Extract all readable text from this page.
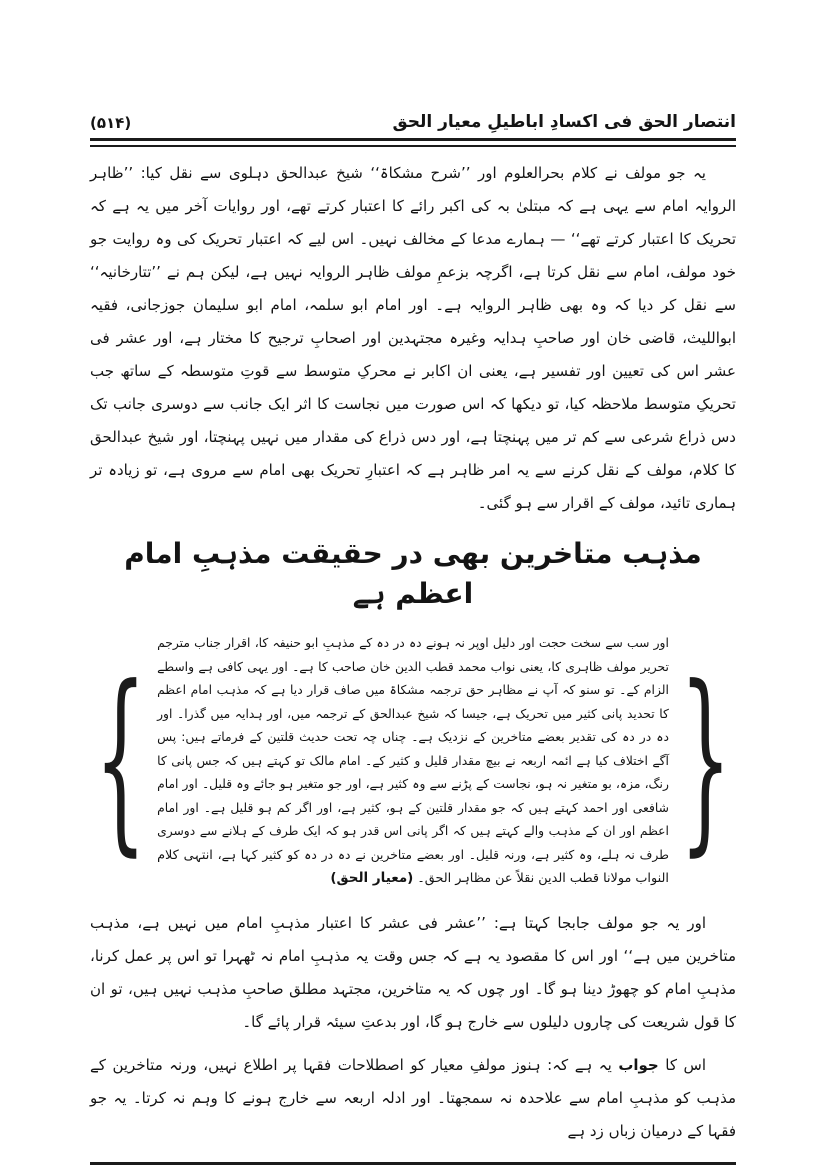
انتصار الحق فی اکسادِ اباطیلِ معیار الحق
(۵۱۴)

یہ جو مولف نے کلام بحرالعلوم اور ’’شرح مشکاۃ‘‘ شیخ عبدالحق دہلوی سے نقل کیا: ’’ظاہر الروایہ امام سے یہی ہے کہ مبتلیٰ بہ کی اکبر رائے کا اعتبار کرتے تھے، اور روایات آخر میں یہ ہے کہ تحریک کا اعتبار کرتے تھے‘‘ — ہمارے مدعا کے مخالف نہیں۔ اس لیے کہ اعتبار تحریک کی وہ روایت جو خود مولف، امام سے نقل کرتا ہے، اگرچہ بزعمِ مولف ظاہر الروایہ نہیں ہے، لیکن ہم نے ’’تتارخانیہ‘‘ سے نقل کر دیا کہ وہ بھی ظاہر الروایہ ہے۔ اور امام ابو سلمہ، امام ابو سلیمان جوزجانی، فقیہ ابواللیث، قاضی خان اور صاحبِ ہدایہ وغیرہ مجتہدین اور اصحابِ ترجیح کا مختار ہے، اور عشر فی عشر اس کی تعیین اور تفسیر ہے، یعنی ان اکابر نے محرکِ متوسط سے قوتِ متوسطہ کے ساتھ جب تحریکِ متوسط ملاحظہ کیا، تو دیکھا کہ اس صورت میں نجاست کا اثر ایک جانب سے دوسری جانب تک دس ذراع شرعی سے کم تر میں پہنچتا ہے، اور دس ذراع کی مقدار میں نہیں پہنچتا، اور شیخ عبدالحق کا کلام، مولف کے نقل کرنے سے یہ امر ظاہر ہے کہ اعتبارِ تحریک بھی امام سے مروی ہے، تو زیادہ تر ہماری تائید، مولف کے اقرار سے ہو گئی۔

مذہب متاخرین بھی در حقیقت مذہبِ امام اعظم ہے
{
اور سب سے سخت حجت اور دلیل اوپر نہ ہونے دہ در دہ کے مذہبِ ابو حنیفہ کا، اقرار جناب مترجم تحریر مولف ظاہری کا، یعنی نواب محمد قطب الدین خان صاحب کا ہے۔ اور یہی کافی ہے واسطے الزام کے۔ تو سنو کہ آپ نے مظاہر حق ترجمہ مشکاۃ میں صاف قرار دیا ہے کہ مذہب امام اعظم کا تحدید پانی کثیر میں تحریک ہے، جیسا کہ شیخ عبدالحق کے ترجمہ میں، اور ہدایہ میں گذرا۔ اور دہ در دہ کی تقدیر بعضے متاخرین کے نزدیک ہے۔ چناں چہ تحت حدیث قلتین کے فرماتے ہیں: پس آگے اختلاف کیا ہے ائمہ اربعہ نے بیچ مقدار قلیل و کثیر کے۔ امام مالک تو کہتے ہیں کہ جس پانی کا رنگ، مزہ، بو متغیر نہ ہو، نجاست کے پڑنے سے وہ کثیر ہے، اور جو متغیر ہو جائے وہ قلیل۔ اور امام شافعی اور احمد کہتے ہیں کہ جو مقدار قلتین کے ہو، کثیر ہے، اور اگر کم ہو قلیل ہے۔ اور امام اعظم اور ان کے مذہب والے کہتے ہیں کہ اگر پانی اس قدر ہو کہ ایک طرف کے ہلانے سے دوسری طرف نہ ہلے، وہ کثیر ہے، ورنہ قلیل۔ اور بعضے متاخرین نے دہ در دہ کو کثیر کہا ہے، انتہی کلام النواب مولانا قطب الدین نقلاً عن مظاہر الحق۔ (معیار الحق)
}

اور یہ جو مولف جابجا کہتا ہے: ’’عشر فی عشر کا اعتبار مذہبِ امام میں نہیں ہے، مذہب متاخرین میں ہے‘‘ اور اس کا مقصود یہ ہے کہ جس وقت یہ مذہبِ امام نہ ٹھہرا تو اس پر عمل کرنا، مذہبِ امام کو چھوڑ دینا ہو گا۔ اور چوں کہ یہ متاخرین، مجتہد مطلق صاحبِ مذہب نہیں ہیں، تو ان کا قول شریعت کی چاروں دلیلوں سے خارج ہو گا، اور بدعتِ سیئہ قرار پائے گا۔

اس کا جواب یہ ہے کہ: ہنوز مولفِ معیار کو اصطلاحات فقہا پر اطلاع نہیں، ورنہ متاخرین کے مذہب کو مذہبِ امام سے علاحدہ نہ سمجھتا۔ اور ادلہ اربعہ سے خارج ہونے کا وہم نہ کرتا۔ یہ جو فقہا کے درمیان زباں زد ہے
